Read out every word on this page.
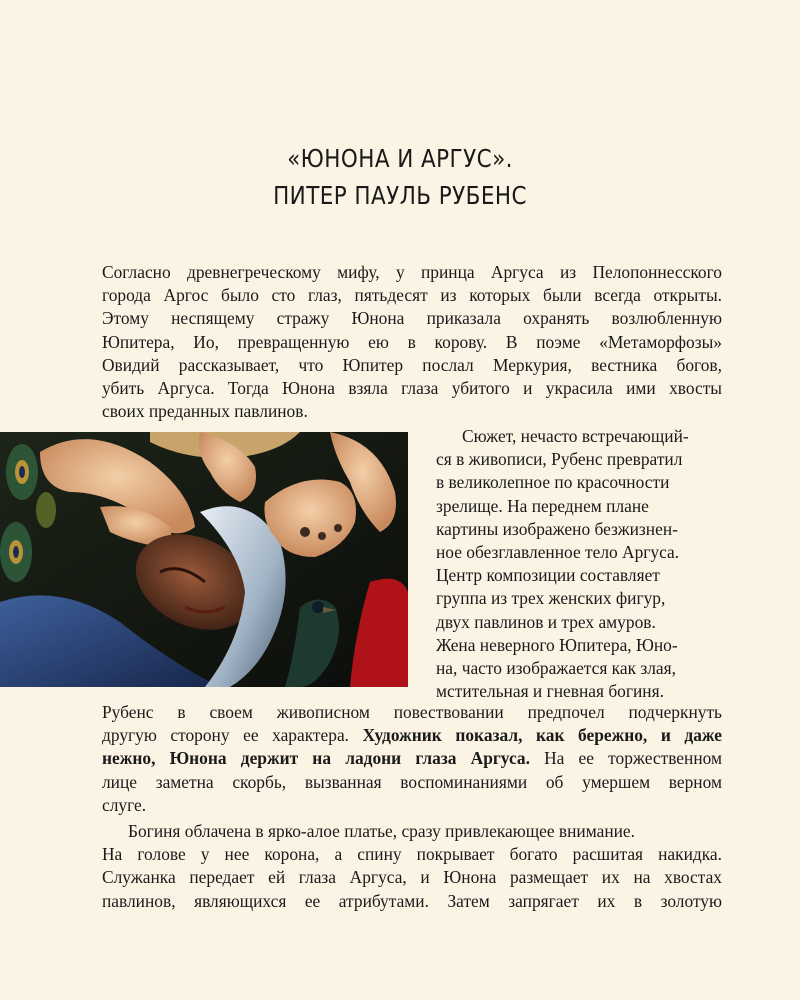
«ЮНОНА И АРГУС».
ПИТЕР ПАУЛЬ РУБЕНС
Согласно древнегреческому мифу, у принца Аргуса из Пелопоннесского
города Аргос было сто глаз, пятьдесят из которых были всегда открыты.
Этому неспящему стражу Юнона приказала охранять возлюбленную
Юпитера, Ио, превращенную ею в корову. В поэме «Метаморфозы»
Овидий рассказывает, что Юпитер послал Меркурия, вестника богов,
убить Аргуса. Тогда Юнона взяла глаза убитого и украсила ими хвосты
своих преданных павлинов.
Сюжет, нечасто встречающий-
ся в живописи, Рубенс превратил
в великолепное по красочности
зрелище. На переднем плане
картины изображено безжизнен-
ное обезглавленное тело Аргуса.
Центр композиции составляет
группа из трех женских фигур,
двух павлинов и трех амуров.
Жена неверного Юпитера, Юно-
на, часто изображается как злая,
мстительная и гневная богиня.
Рубенс в своем живописном повествовании предпочел подчеркнуть
другую сторону ее характера. Художник показал, как бережно, и даже
нежно, Юнона держит на ладони глаза Аргуса. На ее торжественном
лице заметна скорбь, вызванная воспоминаниями об умершем верном
слуге.
Богиня облачена в ярко-алое платье, сразу привлекающее внимание.
На голове у нее корона, а спину покрывает богато расшитая накидка.
Служанка передает ей глаза Аргуса, и Юнона размещает их на хвостах
павлинов, являющихся ее атрибутами. Затем запрягает их в золотую
